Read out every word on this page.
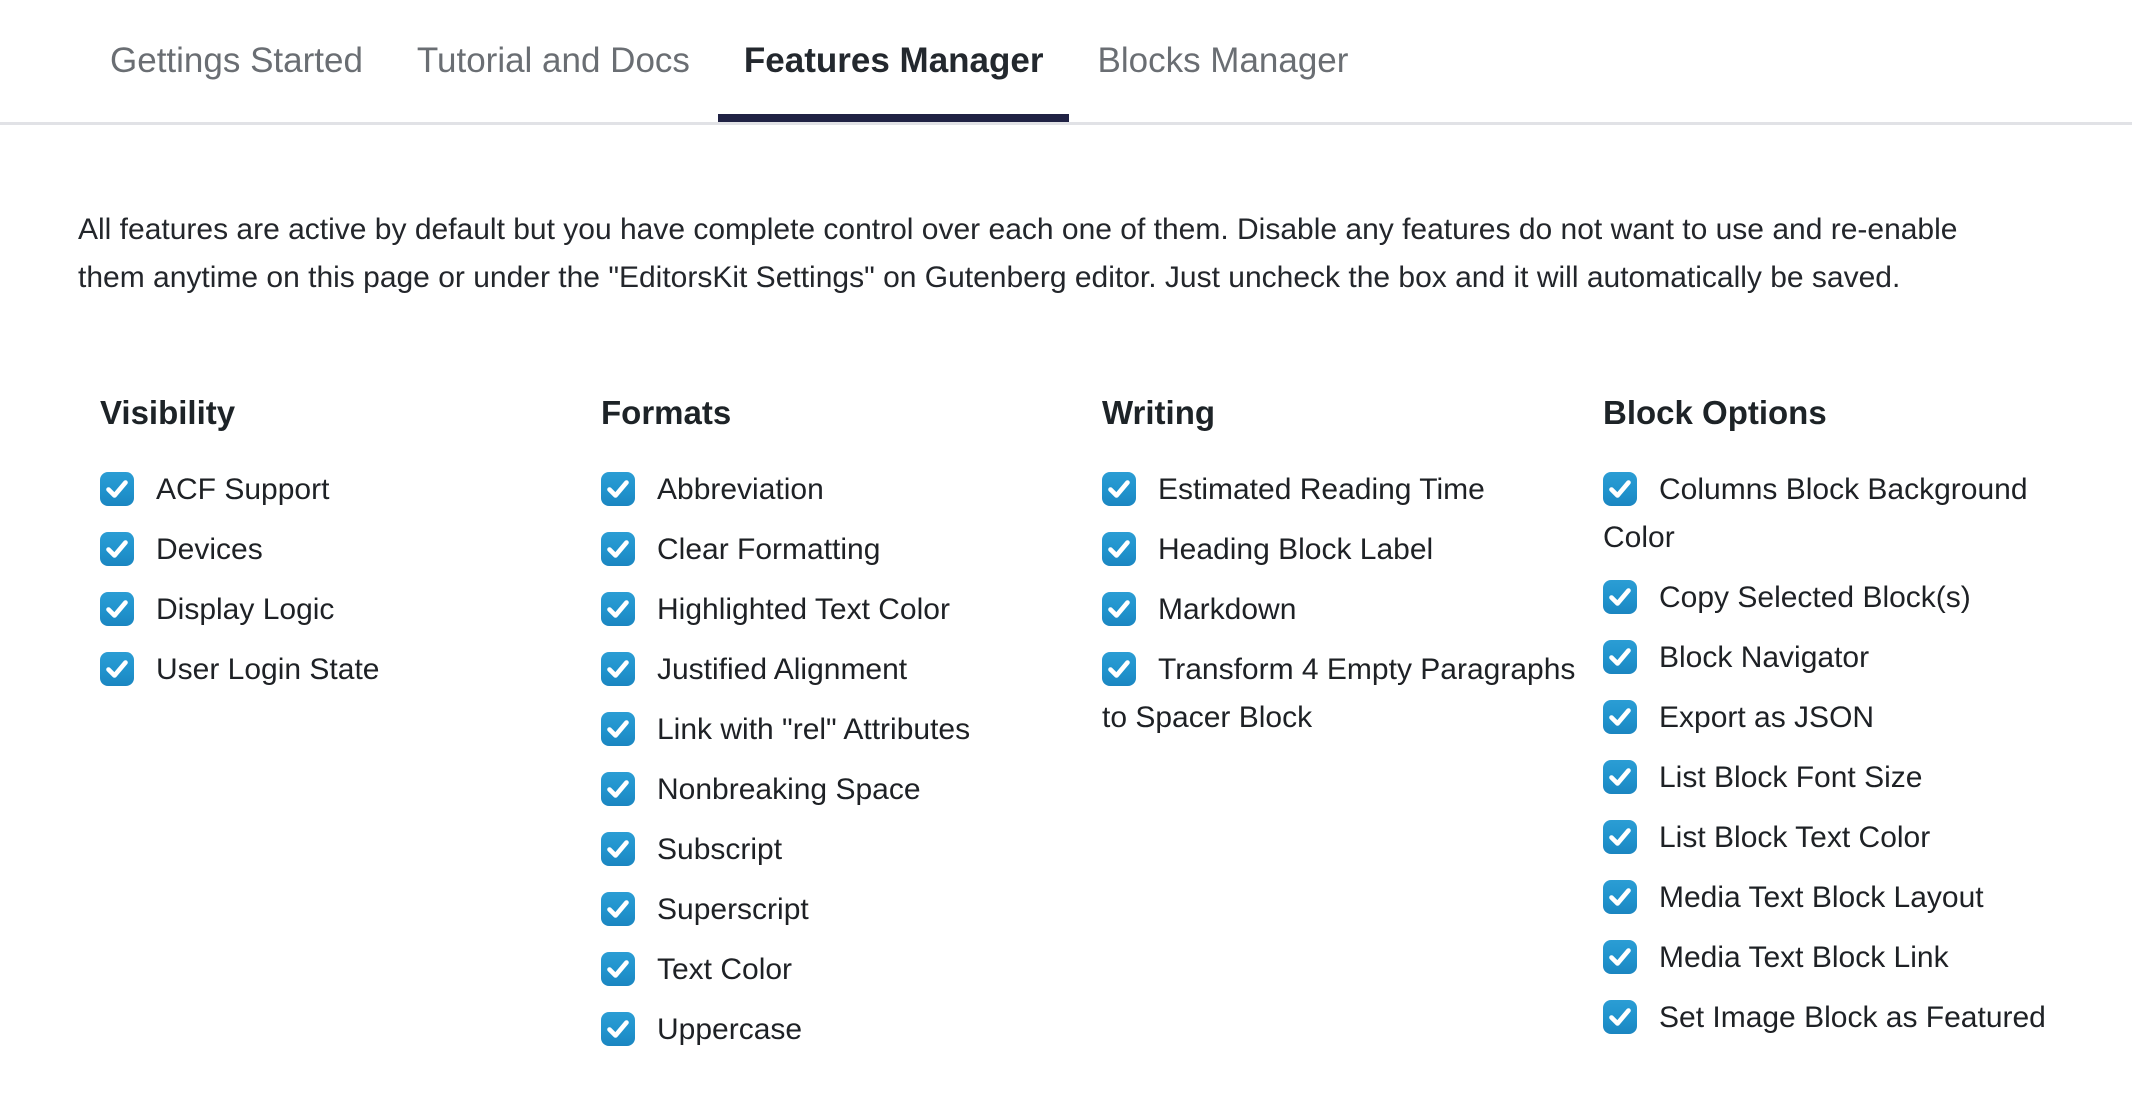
Gettings Started Tutorial and Docs Features Manager Blocks Manager

All features are active by default but you have complete control over each one of them. Disable any features do not want to use and re-enable them anytime on this page or under the "EditorsKit Settings" on Gutenberg editor. Just uncheck the box and it will automatically be saved.

Visibility
ACF Support
Devices
Display Logic
User Login State
Formats
Abbreviation
Clear Formatting
Highlighted Text Color
Justified Alignment
Link with "rel" Attributes
Nonbreaking Space
Subscript
Superscript
Text Color
Uppercase
Writing
Estimated Reading Time
Heading Block Label
Markdown
Transform 4 Empty Paragraphs to Spacer Block
Block Options
Columns Block Background Color
Copy Selected Block(s)
Block Navigator
Export as JSON
List Block Font Size
List Block Text Color
Media Text Block Layout
Media Text Block Link
Set Image Block as Featured
